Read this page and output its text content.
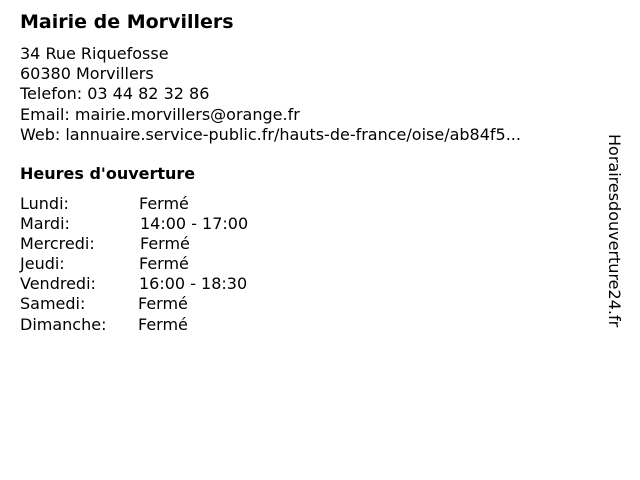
Mairie de Morvillers
34 Rue Riquefosse
60380 Morvillers
Telefon: 03 44 82 32 86
Email: mairie.morvillers@orange.fr
Web: lannuaire.service-public.fr/hauts-de-france/oise/ab84f5...
Heures d'ouverture
Lundi:	Fermé
Mardi:	14:00 - 17:00
Mercredi:	Fermé
Jeudi:	Fermé
Vendredi:	16:00 - 18:30
Samedi:	Fermé
Dimanche: Fermé	Horairesdouverture24.fr
